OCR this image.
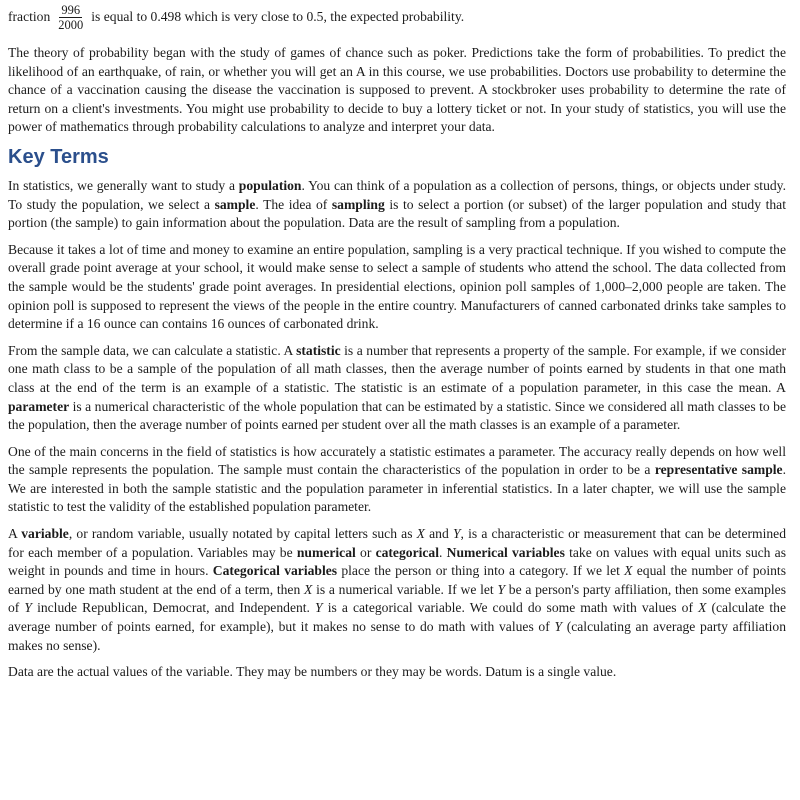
fraction $\frac{996}{2000}$ is equal to 0.498 which is very close to 0.5, the expected probability.

The theory of probability began with the study of games of chance such as poker. Predictions take the form of probabilities. To predict the likelihood of an earthquake, of rain, or whether you will get an A in this course, we use probabilities. Doctors use probability to determine the chance of a vaccination causing the disease the vaccination is supposed to prevent. A stockbroker uses probability to determine the rate of return on a client's investments. You might use probability to decide to buy a lottery ticket or not. In your study of statistics, you will use the power of mathematics through probability calculations to analyze and interpret your data.

Key Terms

In statistics, we generally want to study a population. You can think of a population as a collection of persons, things, or objects under study. To study the population, we select a sample. The idea of sampling is to select a portion (or subset) of the larger population and study that portion (the sample) to gain information about the population. Data are the result of sampling from a population.

Because it takes a lot of time and money to examine an entire population, sampling is a very practical technique. If you wished to compute the overall grade point average at your school, it would make sense to select a sample of students who attend the school. The data collected from the sample would be the students' grade point averages. In presidential elections, opinion poll samples of 1,000–2,000 people are taken. The opinion poll is supposed to represent the views of the people in the entire country. Manufacturers of canned carbonated drinks take samples to determine if a 16 ounce can contains 16 ounces of carbonated drink.

From the sample data, we can calculate a statistic. A statistic is a number that represents a property of the sample. For example, if we consider one math class to be a sample of the population of all math classes, then the average number of points earned by students in that one math class at the end of the term is an example of a statistic. The statistic is an estimate of a population parameter, in this case the mean. A parameter is a numerical characteristic of the whole population that can be estimated by a statistic. Since we considered all math classes to be the population, then the average number of points earned per student over all the math classes is an example of a parameter.

One of the main concerns in the field of statistics is how accurately a statistic estimates a parameter. The accuracy really depends on how well the sample represents the population. The sample must contain the characteristics of the population in order to be a representative sample. We are interested in both the sample statistic and the population parameter in inferential statistics. In a later chapter, we will use the sample statistic to test the validity of the established population parameter.

A variable, or random variable, usually notated by capital letters such as X and Y, is a characteristic or measurement that can be determined for each member of a population. Variables may be numerical or categorical. Numerical variables take on values with equal units such as weight in pounds and time in hours. Categorical variables place the person or thing into a category. If we let X equal the number of points earned by one math student at the end of a term, then X is a numerical variable. If we let Y be a person's party affiliation, then some examples of Y include Republican, Democrat, and Independent. Y is a categorical variable. We could do some math with values of X (calculate the average number of points earned, for example), but it makes no sense to do math with values of Y (calculating an average party affiliation makes no sense).

Data are the actual values of the variable. They may be numbers or they may be words. Datum is a single value.
